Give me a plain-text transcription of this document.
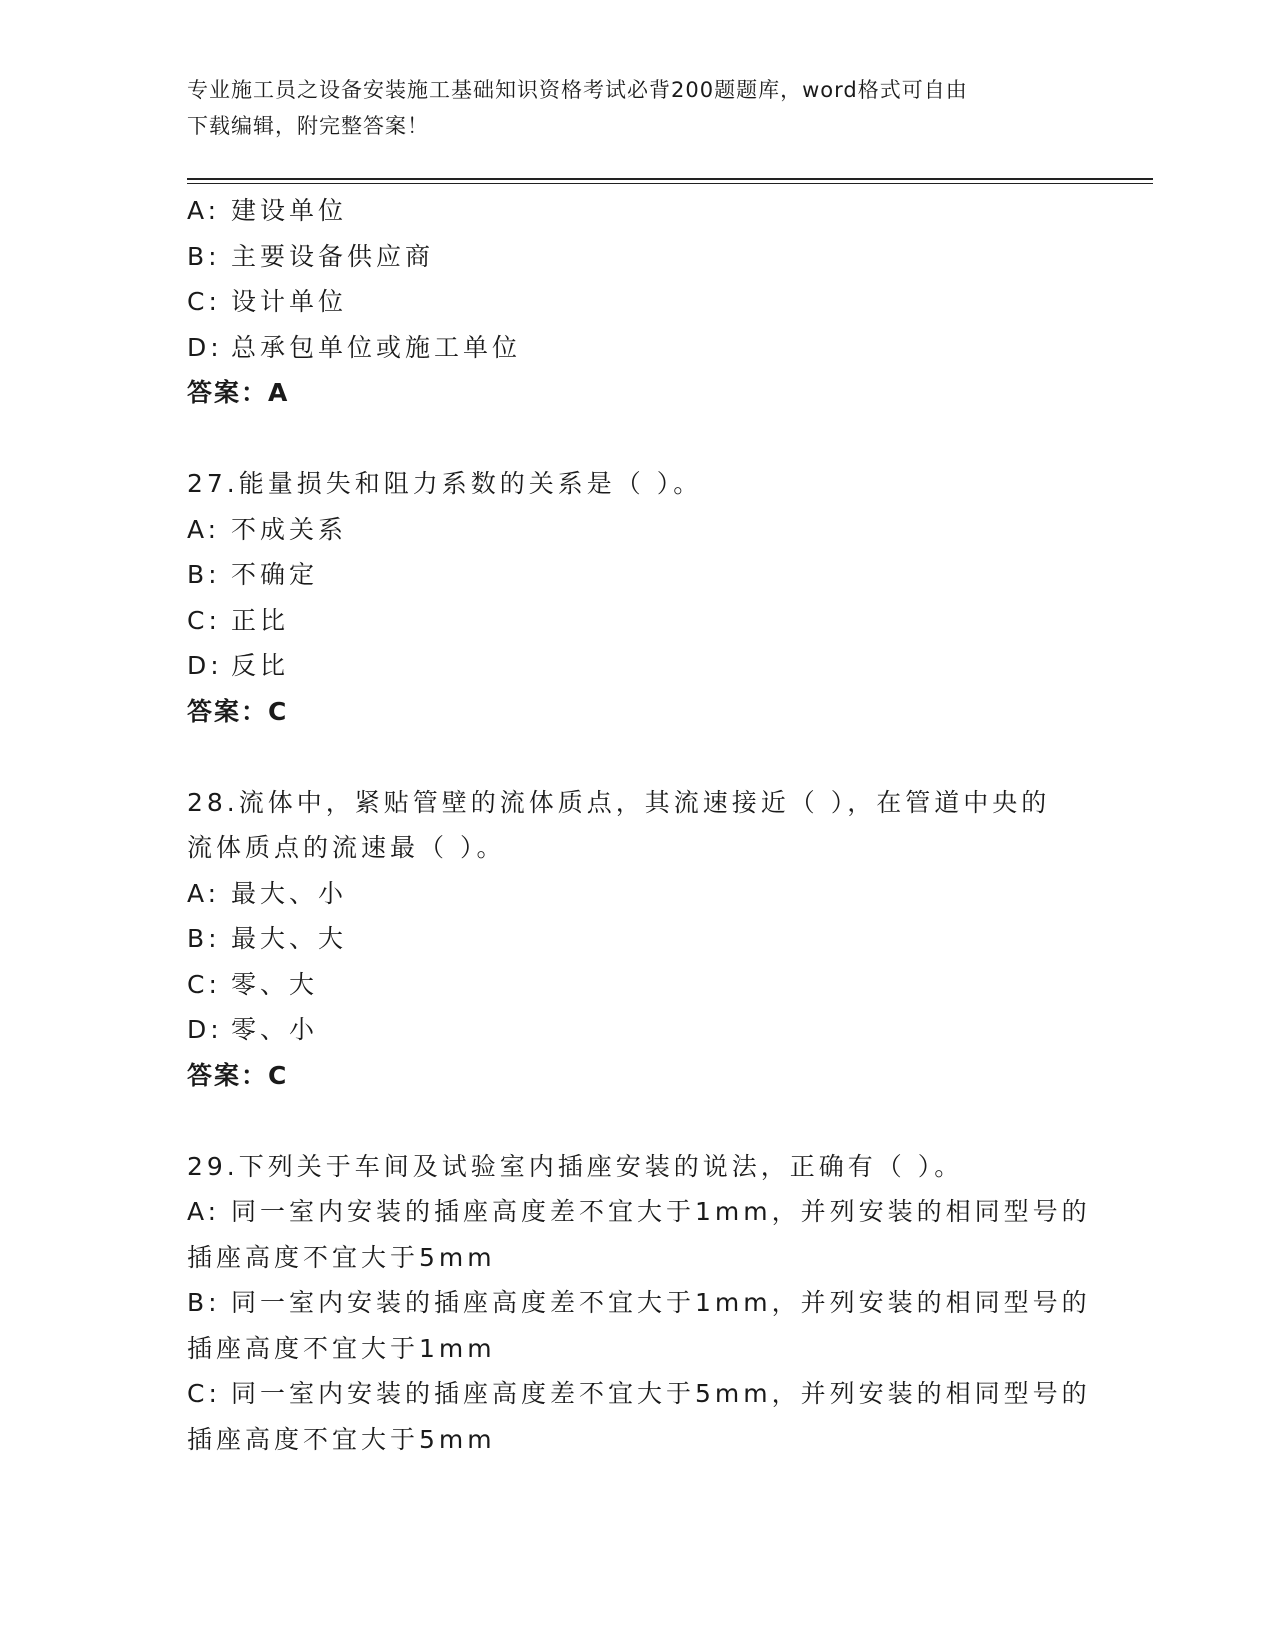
专业施工员之设备安装施工基础知识资格考试必背200题题库，word格式可自由
下载编辑，附完整答案！
A: 建设单位
B: 主要设备供应商
C: 设计单位
D: 总承包单位或施工单位
答案：A
27.能量损失和阻力系数的关系是（ ）。
A: 不成关系
B: 不确定
C: 正比
D: 反比
答案：C
28.流体中，紧贴管壁的流体质点，其流速接近（ ），在管道中央的
流体质点的流速最（ ）。
A: 最大、小
B: 最大、大
C: 零、大
D: 零、小
答案：C
29.下列关于车间及试验室内插座安装的说法，正确有（ ）。
A: 同一室内安装的插座高度差不宜大于1mm，并列安装的相同型号的
插座高度不宜大于5mm
B: 同一室内安装的插座高度差不宜大于1mm，并列安装的相同型号的
插座高度不宜大于1mm
C: 同一室内安装的插座高度差不宜大于5mm，并列安装的相同型号的
插座高度不宜大于5mm
